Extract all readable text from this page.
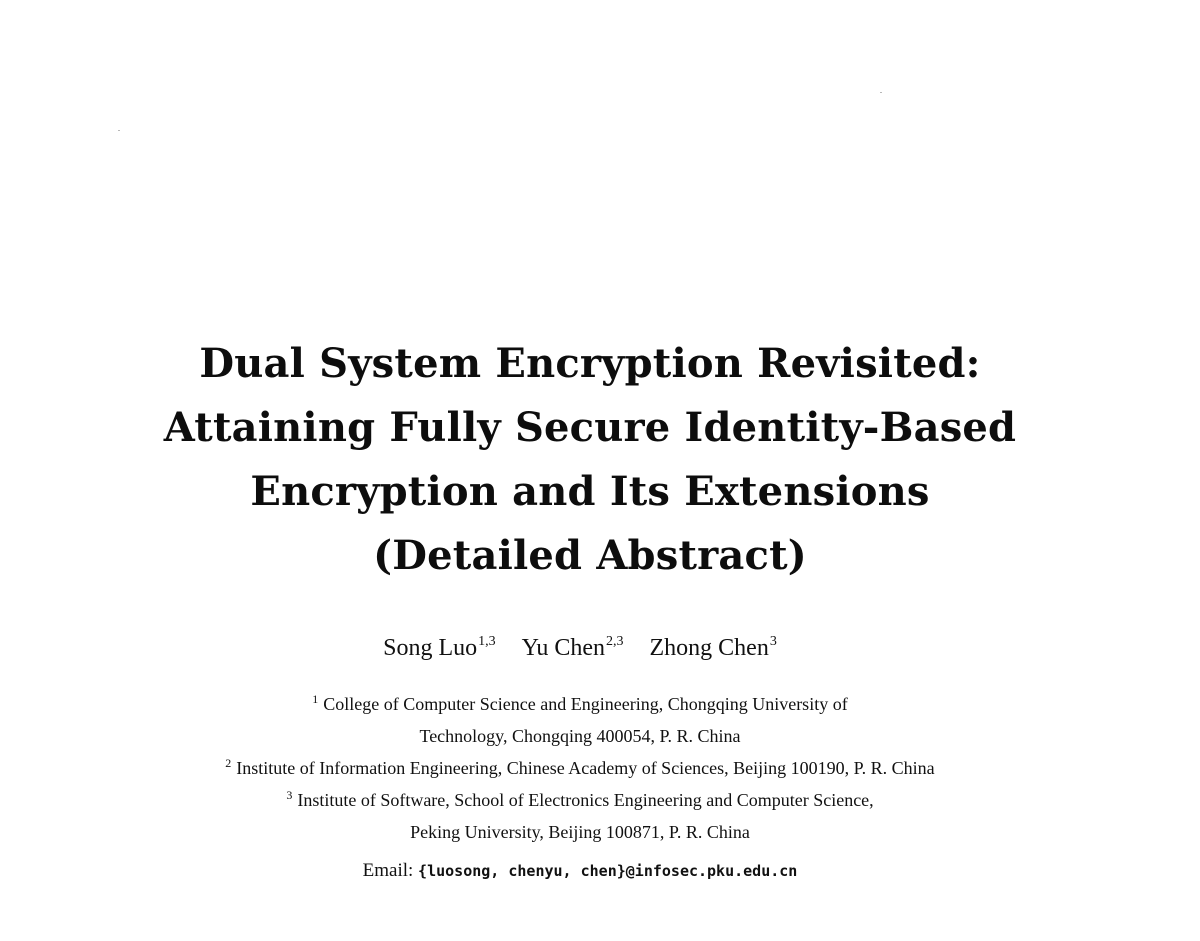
Dual System Encryption Revisited:
Attaining Fully Secure Identity-Based
Encryption and Its Extensions
(Detailed Abstract)
Song Luo$^{1,3}$ Yu Chen$^{2,3}$ Zhong Chen$^3$
$^1$ College of Computer Science and Engineering, Chongqing University of
Technology, Chongqing 400054, P. R. China
$^2$ Institute of Information Engineering, Chinese Academy of Sciences, Beijing 100190, P. R. China
$^3$ Institute of Software, School of Electronics Engineering and Computer Science,
Peking University, Beijing 100871, P. R. China
Email: {luosong, chenyu, chen}@infosec.pku.edu.cn
